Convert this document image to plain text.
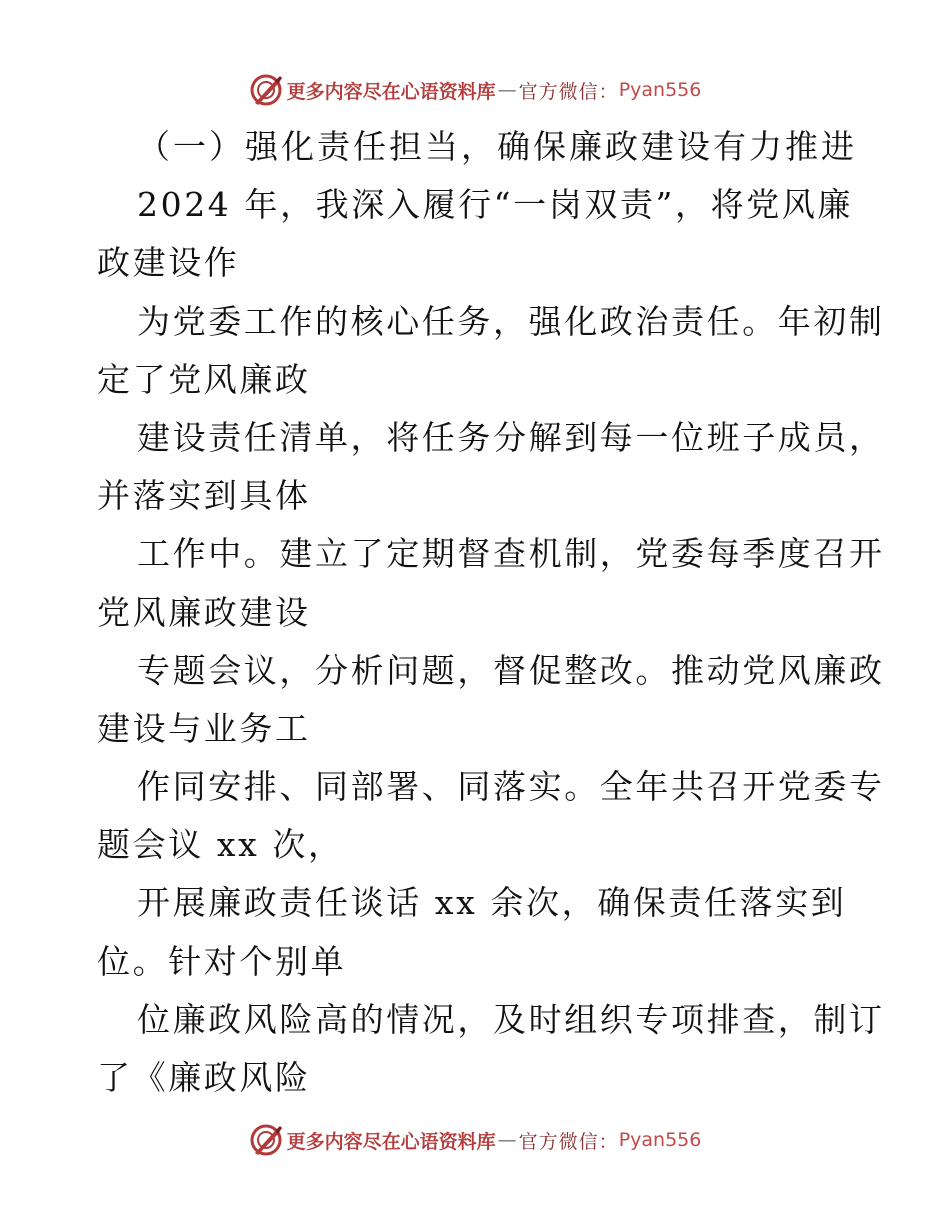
更多内容尽在心语资料库 — 官方微信： Pyan556
（一）强化责任担当，确保廉政建设有力推进
2024 年，我深入履行“一岗双责”，将党风廉
政建设作
为党委工作的核心任务，强化政治责任。年初制
定了党风廉政
建设责任清单，将任务分解到每一位班子成员，
并落实到具体
工作中。建立了定期督查机制，党委每季度召开
党风廉政建设
专题会议，分析问题，督促整改。推动党风廉政
建设与业务工
作同安排、同部署、同落实。全年共召开党委专
题会议 xx 次，
开展廉政责任谈话 xx 余次，确保责任落实到
位。针对个别单
位廉政风险高的情况，及时组织专项排查，制订
了《廉政风险
更多内容尽在心语资料库 — 官方微信： Pyan556
